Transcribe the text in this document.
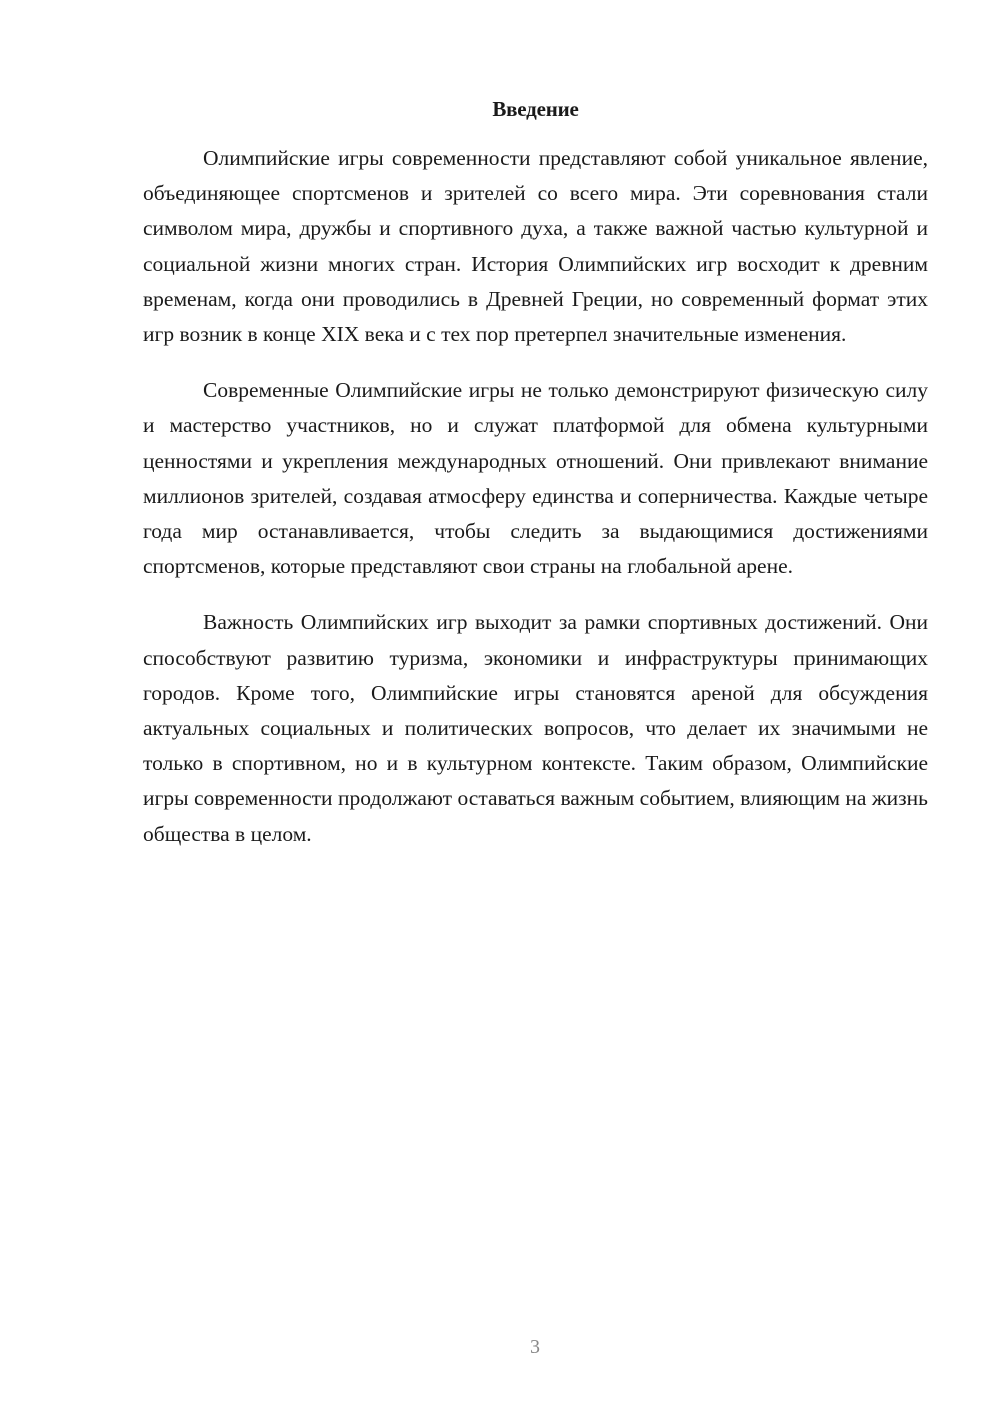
Введение

Олимпийские игры современности представляют собой уникальное явление, объединяющее спортсменов и зрителей со всего мира. Эти соревнования стали символом мира, дружбы и спортивного духа, а также важной частью культурной и социальной жизни многих стран. История Олимпийских игр восходит к древним временам, когда они проводились в Древней Греции, но современный формат этих игр возник в конце XIX века и с тех пор претерпел значительные изменения.

Современные Олимпийские игры не только демонстрируют физическую силу и мастерство участников, но и служат платформой для обмена культурными ценностями и укрепления международных отношений. Они привлекают внимание миллионов зрителей, создавая атмосферу единства и соперничества. Каждые четыре года мир останавливается, чтобы следить за выдающимися достижениями спортсменов, которые представляют свои страны на глобальной арене.

Важность Олимпийских игр выходит за рамки спортивных достижений. Они способствуют развитию туризма, экономики и инфраструктуры принимающих городов. Кроме того, Олимпийские игры становятся ареной для обсуждения актуальных социальных и политических вопросов, что делает их значимыми не только в спортивном, но и в культурном контексте. Таким образом, Олимпийские игры современности продолжают оставаться важным событием, влияющим на жизнь общества в целом.

3
